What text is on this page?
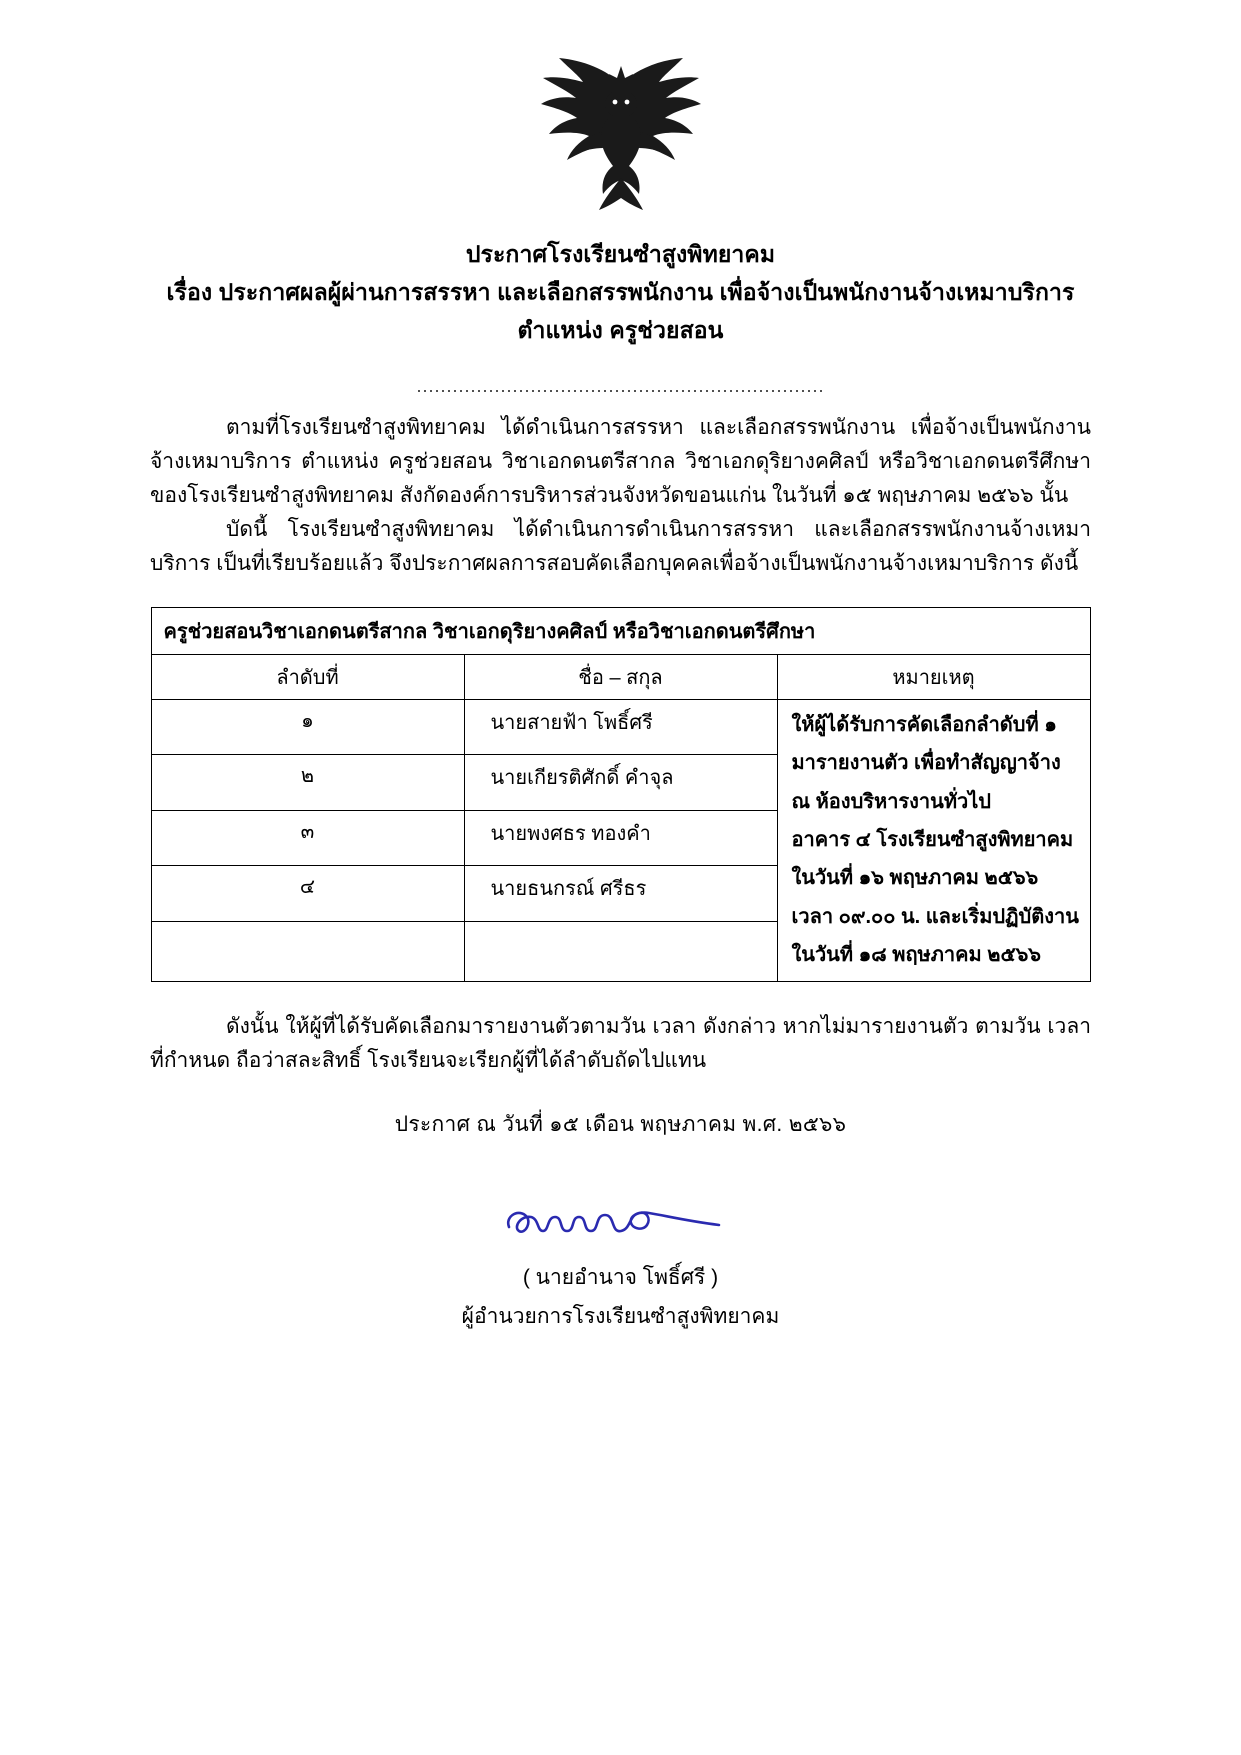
ประกาศโรงเรียนซำสูงพิทยาคม
เรื่อง ประกาศผลผู้ผ่านการสรรหา และเลือกสรรพนักงาน เพื่อจ้างเป็นพนักงานจ้างเหมาบริการ
ตำแหน่ง ครูช่วยสอน
....................................................................
ตามที่โรงเรียนซำสูงพิทยาคม ได้ดำเนินการสรรหา และเลือกสรรพนักงาน เพื่อจ้างเป็นพนักงานจ้างเหมาบริการ ตำแหน่ง ครูช่วยสอน วิชาเอกดนตรีสากล วิชาเอกดุริยางคศิลป์ หรือวิชาเอกดนตรีศึกษา ของโรงเรียนซำสูงพิทยาคม สังกัดองค์การบริหารส่วนจังหวัดขอนแก่น ในวันที่ ๑๕ พฤษภาคม ๒๕๖๖ นั้น
บัดนี้ โรงเรียนซำสูงพิทยาคม ได้ดำเนินการดำเนินการสรรหา และเลือกสรรพนักงานจ้างเหมาบริการ เป็นที่เรียบร้อยแล้ว จึงประกาศผลการสอบคัดเลือกบุคคลเพื่อจ้างเป็นพนักงานจ้างเหมาบริการ ดังนี้
ครูช่วยสอนวิชาเอกดนตรีสากล วิชาเอกดุริยางคศิลป์ หรือวิชาเอกดนตรีศึกษา		
ลำดับที่	ชื่อ – สกุล	หมายเหตุ
๑	นายสายฟ้า โพธิ์ศรี	ให้ผู้ได้รับการคัดเลือกลำดับที่ ๑
มารายงานตัว เพื่อทำสัญญาจ้าง
ณ ห้องบริหารงานทั่วไป
อาคาร ๔ โรงเรียนซำสูงพิทยาคม
ในวันที่ ๑๖ พฤษภาคม ๒๕๖๖
เวลา ๐๙.๐๐ น. และเริ่มปฏิบัติงาน
ในวันที่ ๑๘ พฤษภาคม ๒๕๖๖

๒	นายเกียรติศักดิ์ คำจุล	
๓	นายพงศธร ทองคำ	
๔	นายธนกรณ์ ศรีธร	

ดังนั้น ให้ผู้ที่ได้รับคัดเลือกมารายงานตัวตามวัน เวลา ดังกล่าว หากไม่มารายงานตัว ตามวัน เวลาที่กำหนด ถือว่าสละสิทธิ์ โรงเรียนจะเรียกผู้ที่ได้ลำดับถัดไปแทน
ประกาศ ณ วันที่ ๑๕ เดือน พฤษภาคม พ.ศ. ๒๕๖๖
( นายอำนาจ โพธิ์ศรี )
ผู้อำนวยการโรงเรียนซำสูงพิทยาคม
